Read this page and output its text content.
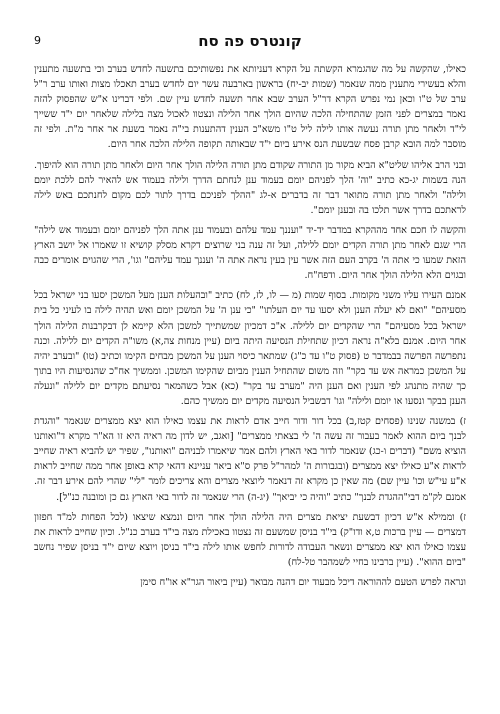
9	קונטרס פה סח

כאילו, שהקשה על מה שהגמרא הקשתה על הקרא דעניותא את נפשותיכם בתשעה לחדש בערב וכי בתשעה מתענין והלא בעשירי מתענין ממה שנאמר (שמות יב-יח) בראשון בארבעה עשר יום לחדש בערב תאכלו מצות ואותו ערב ר"ל ערב של ט"ו וכאן נמי נפרש הקרא דר"ל הערב שבא אחר תשעה לחדש עיין שם. ולפי דברינו א"ש שהפסוק להזה נאמר במצרים לפני הזמן שהתחילה הלכה שהיום הולך אחר הלילה ונצטוו לאכול מצה בלילה שלאחר יום י"ד ששייך לי"ד ולאחר מתן תורה נעשה אותו לילה ליל ט"ו משא"כ הענין דהתענות בי"ה נאמר בשעת אר אחר מ"ת. ולפי זה מוסבר למה הובא קרבן פסח שבשעת הנס אירע ביום י"ד שבאותה תקופה הלילה הלכה אחר היום.

ובני הרב אליהו שליט"א הביא מקור מן התורה שקודם מתן תורה הלילה הולך אחר היום ולאחר מתן תורה הוא להיפוך. הנה בשמות יג-כא כתיב "וה' הלך לפניהם יומם בעמוד ענן לנחתם הדרך ולילה בעמוד אש להאיר להם ללכת יומם ולילה" ולאחר מתן תורה מתואר דבר זה בדברים א-לג "ההלך לפניכם בדרך לתור לכם מקום לחנתכם באש לילה לראתכם בדרך אשר תלכו בה ובענן יומם".

והקשה לו חכם אחד מההקרא במדבר יד-יד "ועננך עמד עלהם ובעמוד ענן אתה הלך לפניהם יומם ובעמוד אש לילה" הרי שגם לאחר מתן תורה הקדים יומם ללילה, ועל זה ענה בני שרוצים דקרא מסלק קושיא זו שאמרו אל יושב הארץ הזאת שמעו כי אתה ה' בקרב העם הזה אשר עין בעין נראה אתה ה' ועננך עמד עליהם" וגו', הרי שהגוים אומרים כבה ובגוים הלא הלילה הולך אחר היום. ודפח"ח.

אמנם העירו עליו משני מקומות. בסוף שמות (מ — לו, לז, לח) כתיב "ובהעלות הענן מעל המשכן יסעו בני ישראל בכל מסעיהם" "ואם לא יעלה הענן ולא יסעו עד יום העלתו" "כי ענן ה' על המשכן יומם ואש תהיה לילה בו לעיני כל בית ישראל בכל מסעיהם" הרי שהקדים יום ללילה. א"כ דמכיון שמשתייך למשכן הלא קיימא לן דבקרבנות הלילה הולך אחר היום. אמנם בלא"ה נראה דכיון שתחילת הנסיעה היתה ביום (עיין מנחות צה,א) משו"ה הקדים יום ללילה. וכנה נתפרשה הפרשה בבמדבר ט (פסוק ט"ו עד כ"ג) שמתאר כיסוי הענן על המשכן מבחים הקימו וכתיב (טו) "ובערב יהיה על המשכן כמראה אש עד בקר" וזה משום שהתחיל הענין מביום שהקימו המשכן. וממשיך אח"כ שהנסיעות היו בתוך כך שהיה מתנהג לפי הענין ואם הענן היה "מערב עד בקר" (כא) אבל כשהמאר נסיעתם מקדים יום ללילה "ונעלה הענן בבקר ונסעו או יומם ולילה" וגו' דבשביל הנסיעה מקדים יום ממשיך כהם.

ז) במשנה שנינו (פסחים קטז,ב) בכל דור ודור חייב אדם לראות את עצמו כאילו הוא יצא ממצרים שנאמר "והגדת לבנך ביום ההוא לאמר בעבור זה עשה ה' לי בצאתי ממצרים" [ואגב, יש לדון מה ראיה היא זו הא"ר מקרא ד"ואותנו הוציא משם" (דברים ו-כג) שנאמר לדור באי הארץ ולהם אמר שיאמרו לבניהם "ואותנו", שפיר יש להביא ראיה שחייב לראות א"ע כאילו יצא ממצרים (ובגבורות ה' למהר"ל פרק ס"א ביאר עניינא דהאי קרא באופן אחר ממה שחייב לראות א"ע עי"ש וכו' עיין שם) מה שאין כן מקרא זה דנאמר ליוצאי מצרים והא צריכים לומר "לי" שהרי להם אירע דבר זה. אמנם לק"מ דבי"ההגדת לבנך" כתיב "והיה כי יביאך" (יג-ה) הרי שנאמר זה לדור באי הארץ גם כן ומובנה כנ"ל].

ז) וממילא א"ש דכיון דבשעת יציאת מצרים היה הלילה הולך אחר היום ונמצא שיצאו (לכל הפחות למ"ד חפזון דמצרים — עיין ברכות ט,א ודו"ק) בי"ד בניסן שמשעם זה נצטוו באכילת מצה בי"ד בערב כנ"ל. וכיון שחייב לראות את עצמו כאילו הוא יצא ממצרים ונשאר העבודה לדורות לחפש אותו לילה בי"ד בניסן ויוצא שיום י"ד בניסן שפיר נחשב "ביום ההוא". (עיין ברבינו בחיי לשמהבר טל-לח)

ונראה לפרש הטעם לההוראה דיכל מבעוד יום דהנה מבואר (עיין ביאור הגר"א או"ח סימן
